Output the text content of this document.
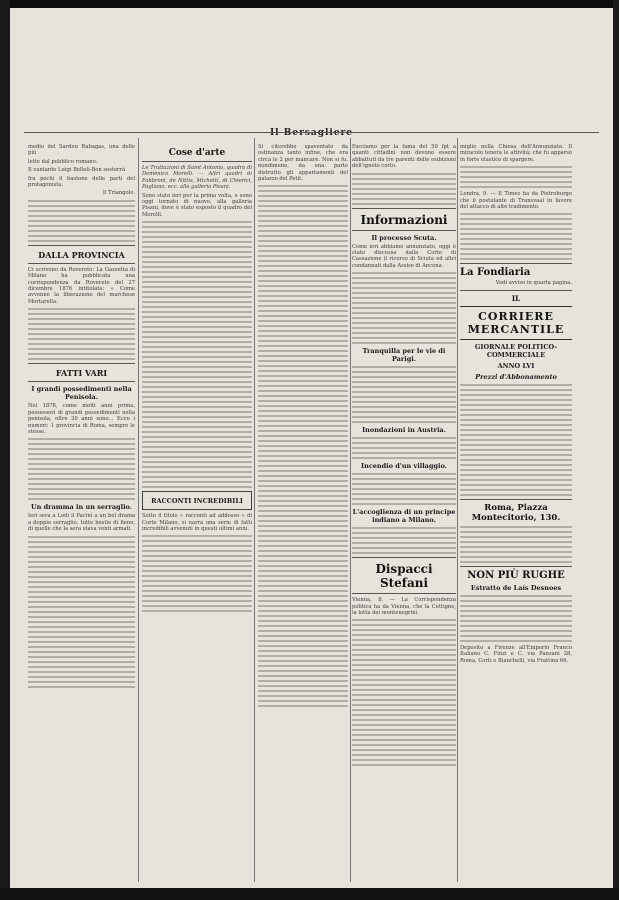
Il Bersagliere

medio del Sardou Rabagas, una delle più

lette dal pubblico romano.

Il cantante Luigi Belloli-Bon sosterrà

fra pochi il bastone delle parti del protagonista.

Il Triangolo.

DALLA PROVINCIA

Ci scrivono da Rovereto: La Gazzetta di Milano ha pubblicata una corrispondenza da Rovereto del 27 dicembre 1876 intitolata: « Come avvenne la liberazione del marchese Mortarella.

FATTI VARI
I grandi possedimenti nella Penisola.

Nel 1878, come molti anni prima, possessori di grandi possedimenti nella penisola, oltre 30 anni sono... Ecco i numeri: 1 provincia di Roma, sempre le stesse.

Un dramma in un serraglio.

Ieri sera a Lodi il Pacini a un bel drama a doppio serraglio, tutte bestie di fieno, di quelle che la sera stava venti armati.

Cose d'arte

Le Trattazioni di Saint Antonio, quadro di Domenico Morelli. — Altri quadri di Fabbroni, de Nittis, Michetti, di Chierici, Pagliano, ecc. alla galleria Pisani.

Sono stato ieri per la prima volta, e sono oggi tornato di nuovo, alla galleria Pisani, dove è stato esposto il quadro del Morelli.

RACCONTI INCREDIBILI

Sotto il titolo « racconti ad addosso » di Corte Milano, si narra una serie di fatti incredibili avvenuti in questi ultimi anni.

Si citerebbe spaventato da ostinanza tanto infine, che era circa le 2 per mancare. Non si fu, nondimeno, da una parte distrutto gli appartamenti del palazzo del Petit.

Facciamo per la fama del 50 fpt a quanti cittadini non devono essere abbattuti da tre parenti delle esibizioni dell'ignoto corto.

Informazioni
Il processo Scuta.

Come ieri abbiamo annunziato, oggi è stato discussa dalla Corte di Cassazione il ricorso di Sciuta ed altri condannati dalla Assise di Ancona.

Tranquilla per le vie di Parigi.
Inondazioni in Austria.
Incendio d'un villaggio.
L'accoglienza di un principe indiano a Milano.
Dispacci Stefani

Vienna, 8. — La Corrispondenza politica ha da Vienna, che la Cettigne, la lotta dei montenegrini.

miglio nella Chiesa dell'Annunziata. Il miracolo tenera le attività; che fu apparso in forte elastico di spargere.

Londra, 9. — Il Times ha da Pietroburgo che il postulante di Transvaal in favore del attacco di alto tradimento.

La Fondiaria

Vedi avviso in quarta pagina.

IL
CORRIERE MERCANTILE
GIORNALE POLITICO-COMMERCIALE
ANNO LVI
Prezzi d'Abbonamento
Roma, Piazza Montecitorio, 130.
NON PIÙ RUGHE
Estratto de Laís Desnoes

Deposito a Firenze all'Emporio Franco Italiano C. Finzi e C. via Panzani 28, Roma, Corti e Bianchelli, via Frattina 66.
